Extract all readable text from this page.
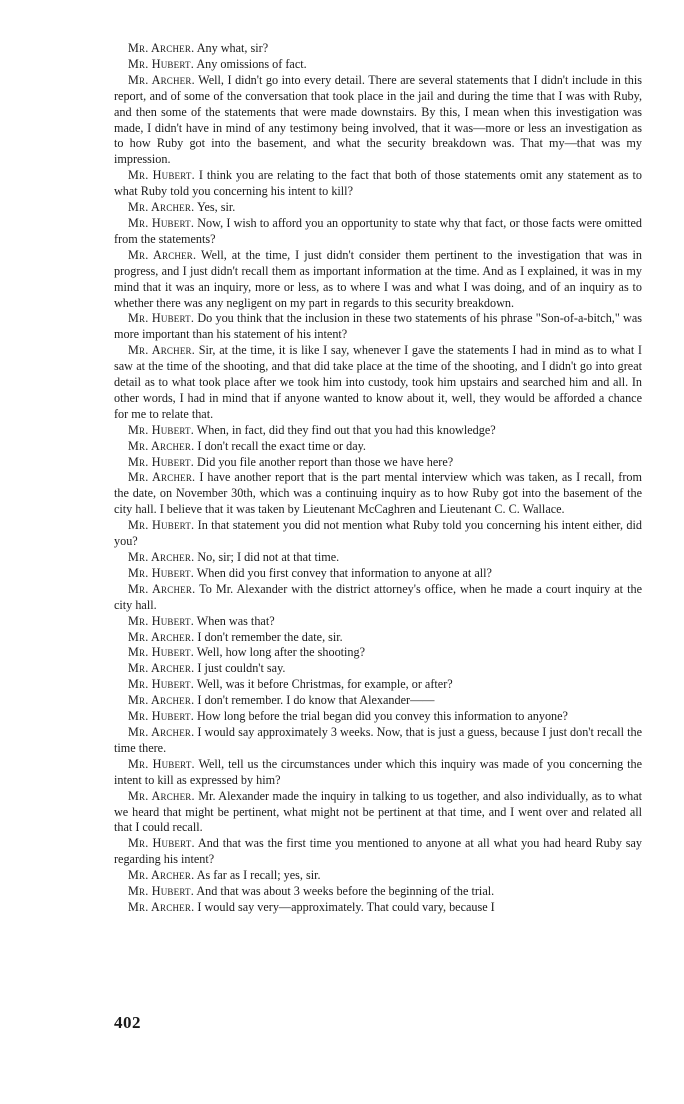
Mr. Archer. Any what, sir?

Mr. Hubert. Any omissions of fact.

Mr. Archer. Well, I didn't go into every detail. There are several statements that I didn't include in this report, and of some of the conversation that took place in the jail and during the time that I was with Ruby, and then some of the statements that were made downstairs. By this, I mean when this investigation was made, I didn't have in mind of any testimony being involved, that it was—more or less an investigation as to how Ruby got into the basement, and what the security breakdown was. That my—that was my impression.

Mr. Hubert. I think you are relating to the fact that both of those statements omit any statement as to what Ruby told you concerning his intent to kill?

Mr. Archer. Yes, sir.

Mr. Hubert. Now, I wish to afford you an opportunity to state why that fact, or those facts were omitted from the statements?

Mr. Archer. Well, at the time, I just didn't consider them pertinent to the investigation that was in progress, and I just didn't recall them as important information at the time. And as I explained, it was in my mind that it was an inquiry, more or less, as to where I was and what I was doing, and of an inquiry as to whether there was any negligent on my part in regards to this security breakdown.

Mr. Hubert. Do you think that the inclusion in these two statements of his phrase "Son-of-a-bitch," was more important than his statement of his intent?

Mr. Archer. Sir, at the time, it is like I say, whenever I gave the statements I had in mind as to what I saw at the time of the shooting, and that did take place at the time of the shooting, and I didn't go into great detail as to what took place after we took him into custody, took him upstairs and searched him and all. In other words, I had in mind that if anyone wanted to know about it, well, they would be afforded a chance for me to relate that.

Mr. Hubert. When, in fact, did they find out that you had this knowledge?

Mr. Archer. I don't recall the exact time or day.

Mr. Hubert. Did you file another report than those we have here?

Mr. Archer. I have another report that is the part mental interview which was taken, as I recall, from the date, on November 30th, which was a continuing inquiry as to how Ruby got into the basement of the city hall. I believe that it was taken by Lieutenant McCaghren and Lieutenant C. C. Wallace.

Mr. Hubert. In that statement you did not mention what Ruby told you concerning his intent either, did you?

Mr. Archer. No, sir; I did not at that time.

Mr. Hubert. When did you first convey that information to anyone at all?

Mr. Archer. To Mr. Alexander with the district attorney's office, when he made a court inquiry at the city hall.

Mr. Hubert. When was that?

Mr. Archer. I don't remember the date, sir.

Mr. Hubert. Well, how long after the shooting?

Mr. Archer. I just couldn't say.

Mr. Hubert. Well, was it before Christmas, for example, or after?

Mr. Archer. I don't remember. I do know that Alexander——

Mr. Hubert. How long before the trial began did you convey this information to anyone?

Mr. Archer. I would say approximately 3 weeks. Now, that is just a guess, because I just don't recall the time there.

Mr. Hubert. Well, tell us the circumstances under which this inquiry was made of you concerning the intent to kill as expressed by him?

Mr. Archer. Mr. Alexander made the inquiry in talking to us together, and also individually, as to what we heard that might be pertinent, what might not be pertinent at that time, and I went over and related all that I could recall.

Mr. Hubert. And that was the first time you mentioned to anyone at all what you had heard Ruby say regarding his intent?

Mr. Archer. As far as I recall; yes, sir.

Mr. Hubert. And that was about 3 weeks before the beginning of the trial.

Mr. Archer. I would say very—approximately. That could vary, because I

402
